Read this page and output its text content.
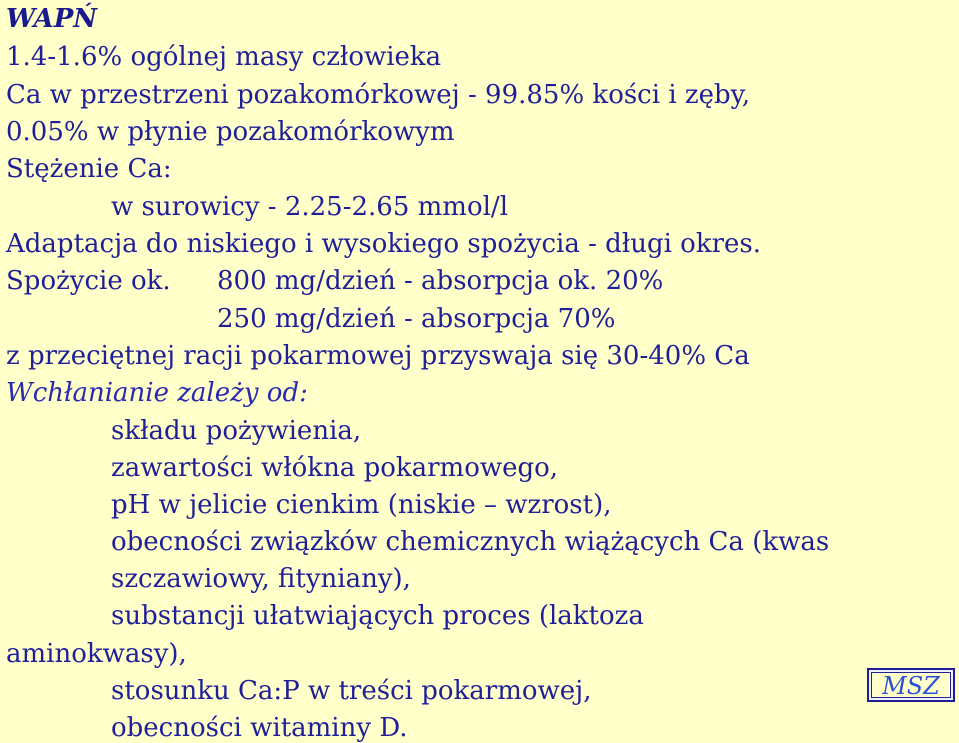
WAPŃ
1.4-1.6% ogólnej masy człowieka
Ca w przestrzeni pozakomórkowej - 99.85% kości i zęby,
0.05% w płynie pozakomórkowym
Stężenie Ca:
w surowicy - 2.25-2.65 mmol/l
Adaptacja do niskiego i wysokiego spożycia - długi okres.
Spożycie ok. 800 mg/dzień - absorpcja ok. 20%
250 mg/dzień - absorpcja 70%
z przeciętnej racji pokarmowej przyswaja się 30-40% Ca
Wchłanianie zależy od:
składu pożywienia,
zawartości włókna pokarmowego,
pH w jelicie cienkim (niskie – wzrost),
obecności związków chemicznych wiążących Ca (kwas
szczawiowy, fityniany),
substancji ułatwiających proces (laktoza
aminokwasy),
stosunku Ca:P w treści pokarmowej,
obecności witaminy D.
MSZ
